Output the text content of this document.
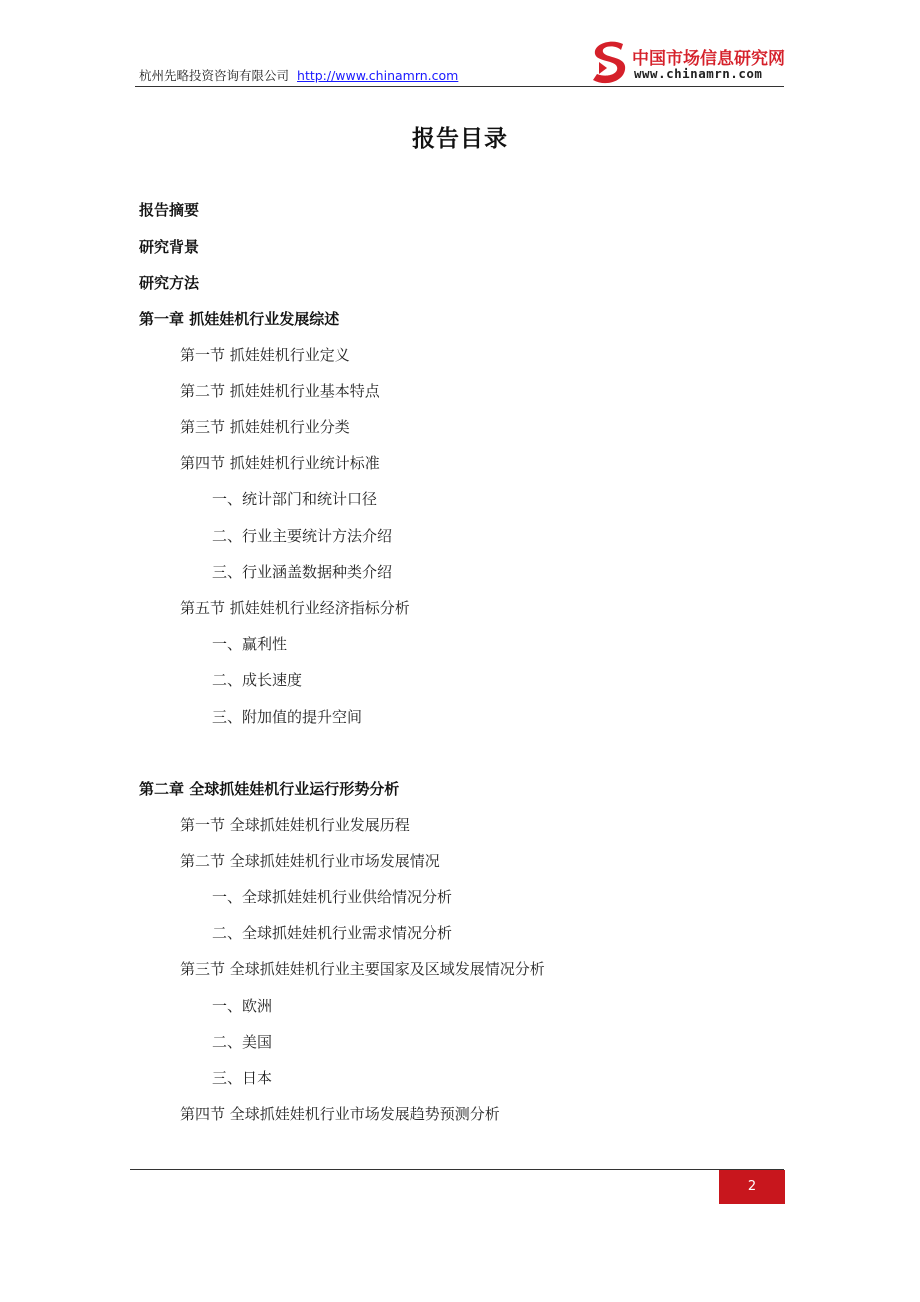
杭州先略投资咨询有限公司 http://www.chinamrn.com
中国市场信息研究网
www.chinamrn.com
报告目录
报告摘要
研究背景
研究方法
第一章 抓娃娃机行业发展综述
第一节 抓娃娃机行业定义
第二节 抓娃娃机行业基本特点
第三节 抓娃娃机行业分类
第四节 抓娃娃机行业统计标准
一、统计部门和统计口径
二、行业主要统计方法介绍
三、行业涵盖数据种类介绍
第五节 抓娃娃机行业经济指标分析
一、赢利性
二、成长速度
三、附加值的提升空间
第二章 全球抓娃娃机行业运行形势分析
第一节 全球抓娃娃机行业发展历程
第二节 全球抓娃娃机行业市场发展情况
一、全球抓娃娃机行业供给情况分析
二、全球抓娃娃机行业需求情况分析
第三节 全球抓娃娃机行业主要国家及区域发展情况分析
一、欧洲
二、美国
三、日本
第四节 全球抓娃娃机行业市场发展趋势预测分析
2
